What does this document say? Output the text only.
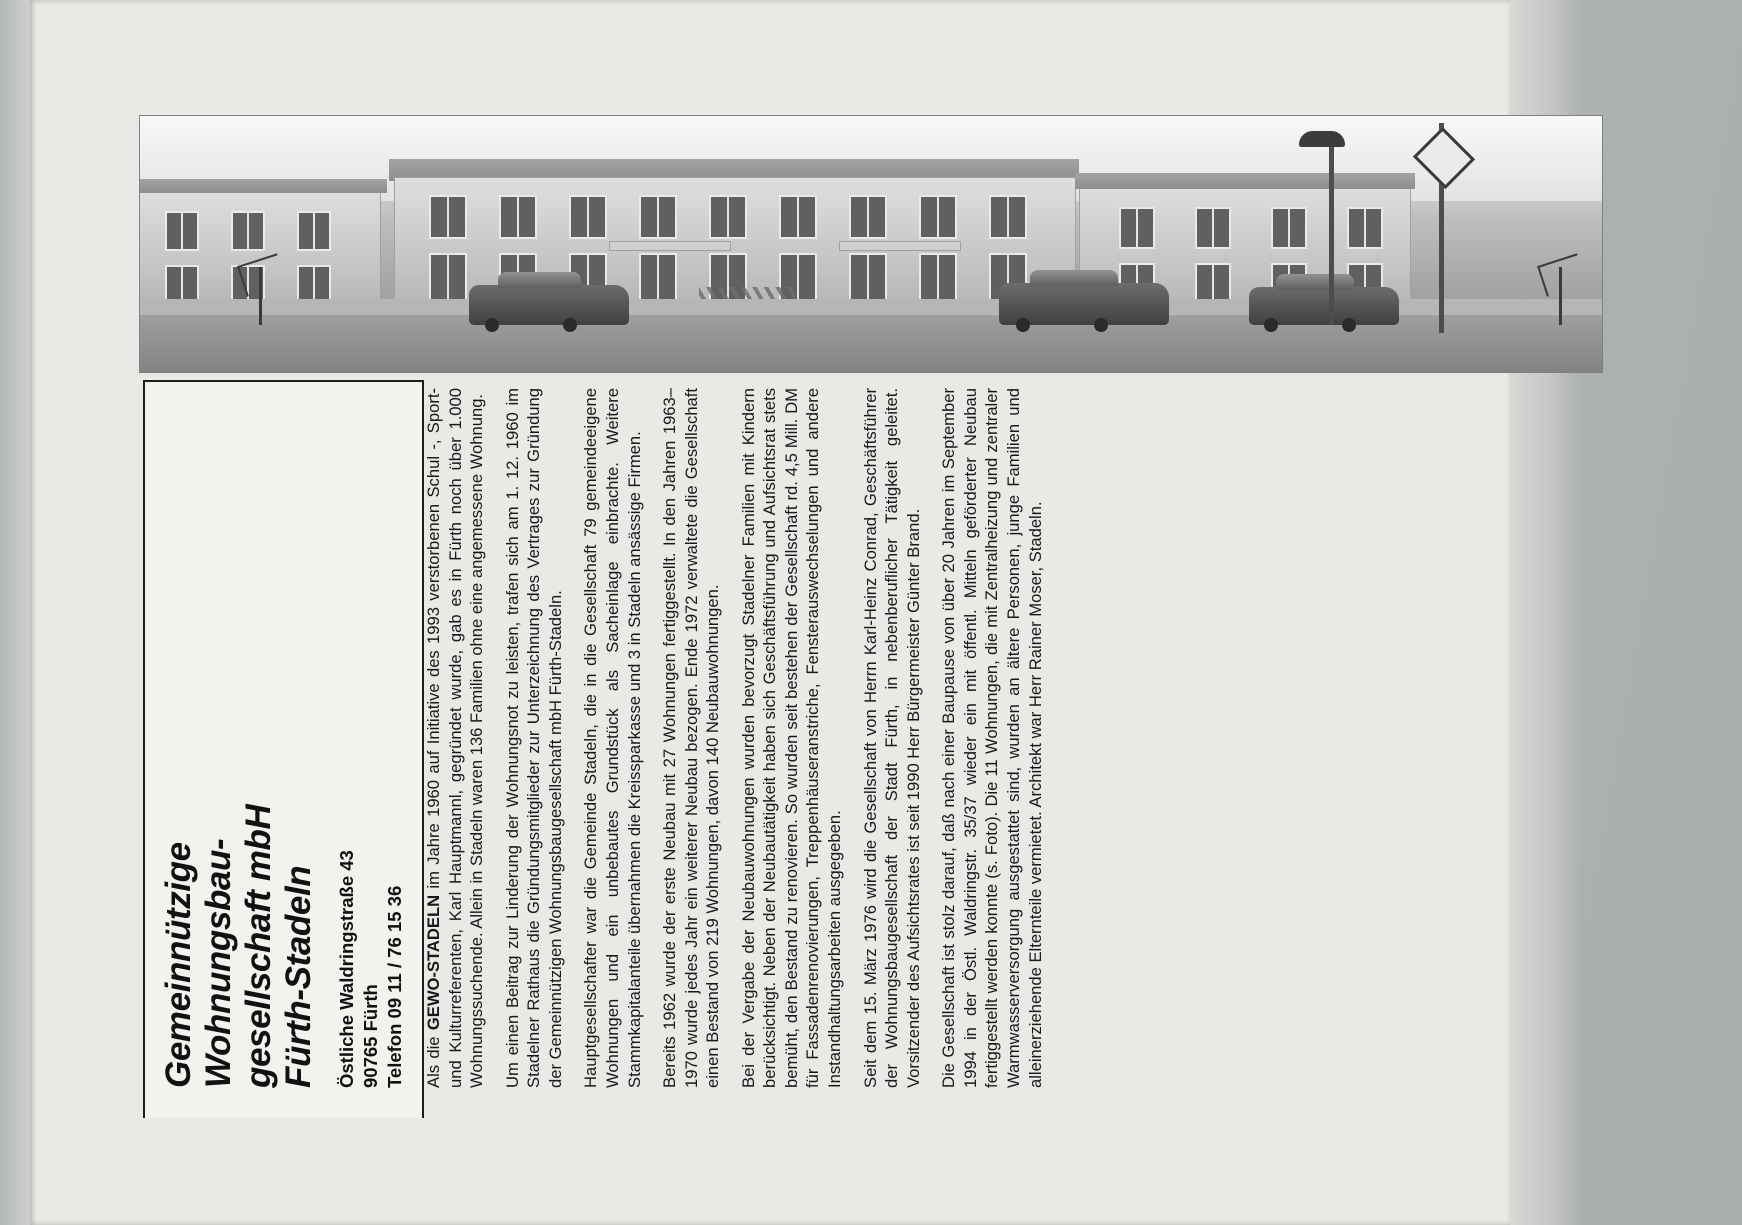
Gemeinnützige Wohnungsbau- gesellschaft mbH Fürth-Stadeln Östliche Waldringstraße 43 90765 Fürth Telefon 09 11 / 76 15 36 Als die GEWO-STADELN im Jahre 1960 auf Initiative des 1993 verstorbenen Schul -, Sport- und Kulturreferenten, Karl Hauptmannl, gegründet wurde, gab es in Fürth noch über 1.000 Wohnungssuchende. Allein in Stadeln waren 136 Familien ohne eine angemessene Wohnung. Um einen Beitrag zur Linderung der Wohnungsnot zu leisten, trafen sich am 1. 12. 1960 im Stadelner Rathaus die Gründungsmitglieder zur Unterzeichnung des Vertrages zur Gründung der Gemeinnützigen Wohnungsbaugesellschaft mbH Fürth-Stadeln. Hauptgesellschafter war die Gemeinde Stadeln, die in die Gesellschaft 79 gemeindeeigene Wohnungen und ein unbebautes Grundstück als Sacheinlage einbrachte. Weitere Stammkapitalanteile übernahmen die Kreissparkasse und 3 in Stadeln ansässige Firmen. Bereits 1962 wurde der erste Neubau mit 27 Wohnungen fertiggestellt. In den Jahren 1963–1970 wurde jedes Jahr ein weiterer Neubau bezogen. Ende 1972 verwaltete die Gesellschaft einen Bestand von 219 Wohnungen, davon 140 Neubauwohnungen. Bei der Vergabe der Neubauwohnungen wurden bevorzugt Stadelner Familien mit Kindern berücksichtigt. Neben der Neubautätigkeit haben sich Geschäftsführung und Aufsichtsrat stets bemüht, den Bestand zu renovieren. So wurden seit bestehen der Gesellschaft rd. 4,5 Mill. DM für Fassadenrenovierungen, Treppenhäuseranstriche, Fensterauswechselungen und andere Instandhaltungsarbeiten ausgegeben. Seit dem 15. März 1976 wird die Gesellschaft von Herrn Karl-Heinz Conrad, Geschäftsführer der Wohnungsbaugesellschaft der Stadt Fürth, in nebenberuflicher Tätigkeit geleitet. Vorsitzender des Aufsichtsrates ist seit 1990 Herr Bürgermeister Günter Brand. Die Gesellschaft ist stolz darauf, daß nach einer Baupause von über 20 Jahren im September 1994 in der Östl. Waldringstr. 35/37 wieder ein mit öffentl. Mitteln geförderter Neubau fertiggestellt werden konnte (s. Foto). Die 11 Wohnungen, die mit Zentralheizung und zentraler Warmwasserversorgung ausgestattet sind, wurden an ältere Personen, junge Familien und alleinerziehende Elternteile vermietet. Architekt war Herr Rainer Moser, Stadeln.
